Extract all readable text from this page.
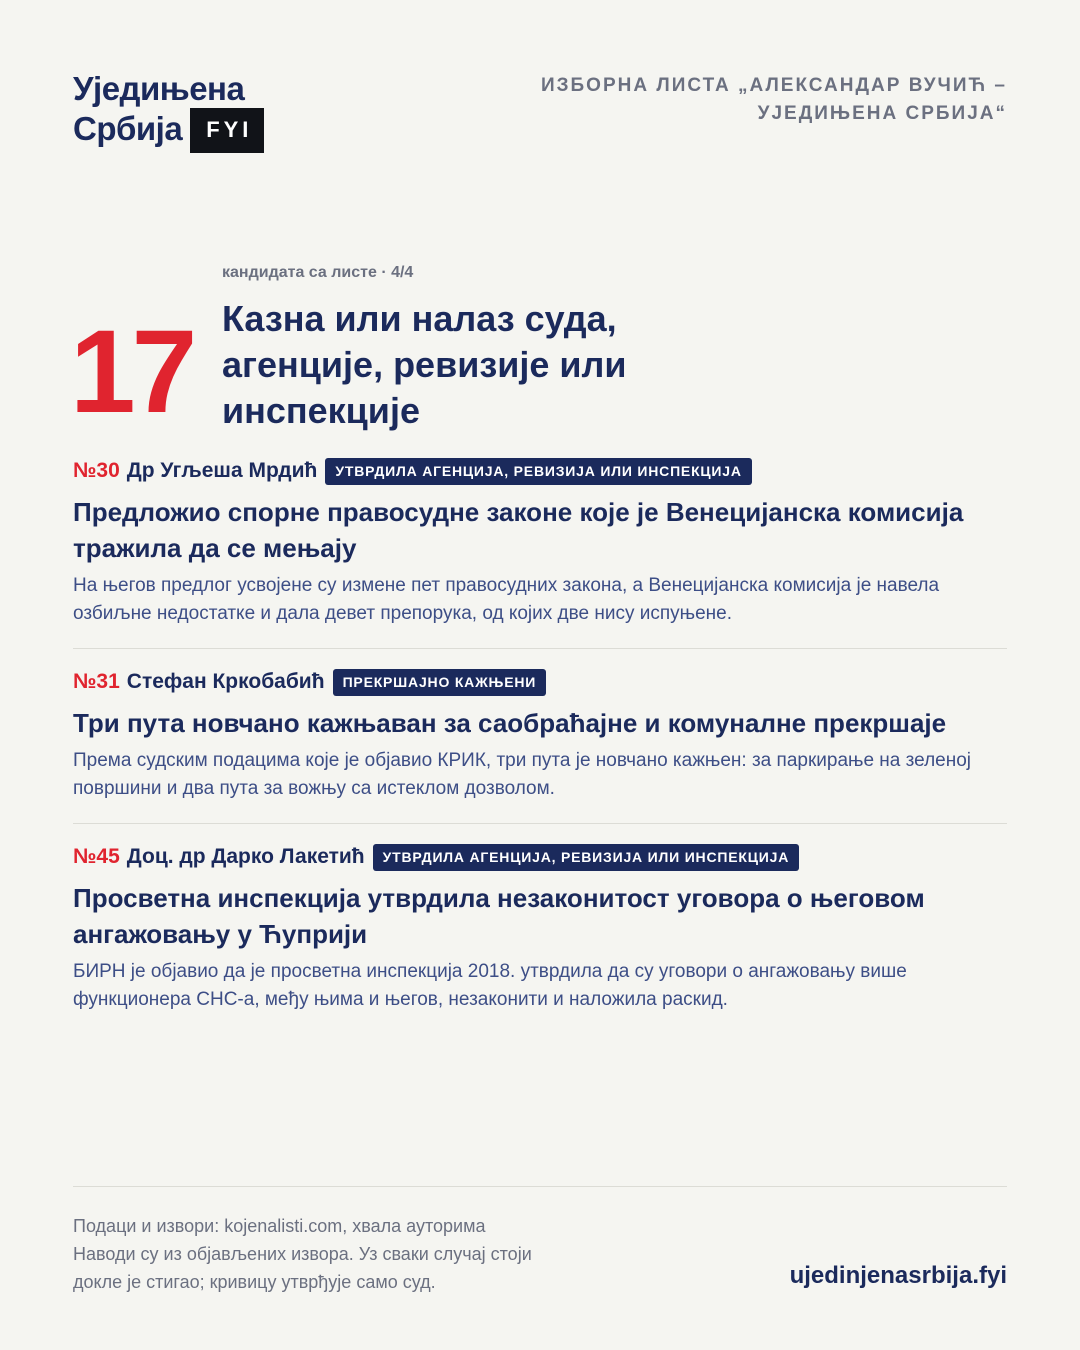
Уједињена
Србија FYI
ИЗБОРНА ЛИСТА „АЛЕКСАНДАР ВУЧИЋ – УЈЕДИЊЕНА СРБИЈА“
17
кандидата са листе · 4/4
Казна или налаз суда, агенције, ревизије или инспекције
№30 Др Угљеша Мрдић	УТВРДИЛА АГЕНЦИЈА, РЕВИЗИЈА ИЛИ ИНСПЕКЦИЈА
Предложио спорне правосудне законе које је Венецијанска комисија тражила да се мењају

На његов предлог усвојене су измене пет правосудних закона, а Венецијанска комисија је навела озбиљне недостатке и дала девет препорука, од којих две нису испуњене.

№31 Стефан Кркобабић	ПРЕКРШАЈНО КАЖЊЕНИ
Три пута новчано кажњаван за саобраћајне и комуналне прекршаје

Према судским подацима које је објавио КРИК, три пута је новчано кажњен: за паркирање на зеленој површини и два пута за вожњу са истеклом дозволом.

№45 Доц. др Дарко Лакетић	УТВРДИЛА АГЕНЦИЈА, РЕВИЗИЈА ИЛИ ИНСПЕКЦИЈА
Просветна инспекција утврдила незаконитост уговора о његовом ангажовању у Ћуприји

БИРН је објавио да је просветна инспекција 2018. утврдила да су уговори о ангажовању више функционера СНС-а, међу њима и његов, незаконити и наложила раскид.

Подаци и извори: kojenalisti.com, хвала ауторима
Наводи су из објављених извора. Уз сваки случај стоји
докле је стигао; кривицу утврђује само суд.	ujedinjenasrbija.fyi
